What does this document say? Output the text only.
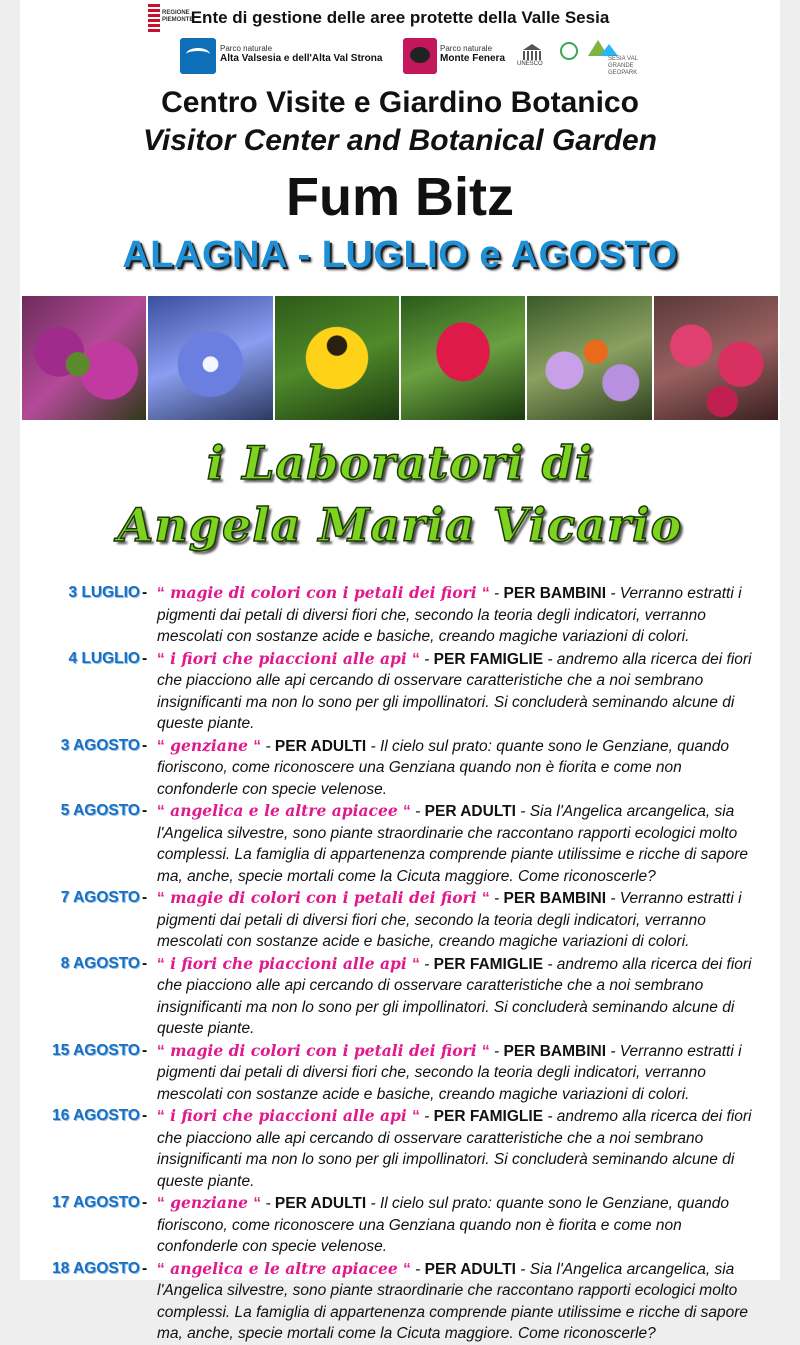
REGIONE PIEMONTE
Ente di gestione delle aree protette della Valle Sesia
Parco naturale
Alta Valsesia e dell'Alta Val Strona
Parco naturale
Monte Fenera UNESCO
SESIA VAL GRANDE GEOPARK
Centro Visite e Giardino Botanico
Visitor Center and Botanical Garden
Fum Bitz
ALAGNA - LUGLIO e AGOSTO
i Laboratori di
Angela Maria Vicario
3 LUGLIO - “ magie di colori con i petali dei fiori “ - PER BAMBINI - Verranno estratti i pigmenti dai petali di diversi fiori che, secondo la teoria degli indicatori, verranno mescolati con sostanze acide e basiche, creando magiche variazioni di colori.
4 LUGLIO - “ i fiori che piaccioni alle api “ - PER FAMIGLIE - andremo alla ricerca dei fiori che piacciono alle api cercando di osservare caratteristiche che a noi sembrano insignificanti ma non lo sono per gli impollinatori. Si concluderà seminando alcune di queste piante.
3 AGOSTO - “ genziane “ - PER ADULTI - Il cielo sul prato: quante sono le Genziane, quando fioriscono, come riconoscere una Genziana quando non è fiorita e come non confonderle con specie velenose.
5 AGOSTO - “ angelica e le altre apiacee “ - PER ADULTI - Sia l'Angelica arcangelica, sia l'Angelica silvestre, sono piante straordinarie che raccontano rapporti ecologici molto complessi. La famiglia di appartenenza comprende piante utilissime e ricche di sapore ma, anche, specie mortali come la Cicuta maggiore. Come riconoscerle?
7 AGOSTO - “ magie di colori con i petali dei fiori “ - PER BAMBINI - Verranno estratti i pigmenti dai petali di diversi fiori che, secondo la teoria degli indicatori, verranno mescolati con sostanze acide e basiche, creando magiche variazioni di colori.
8 AGOSTO - “ i fiori che piaccioni alle api “ - PER FAMIGLIE - andremo alla ricerca dei fiori che piacciono alle api cercando di osservare caratteristiche che a noi sembrano insignificanti ma non lo sono per gli impollinatori. Si concluderà seminando alcune di queste piante.
15 AGOSTO - “ magie di colori con i petali dei fiori “ - PER BAMBINI - Verranno estratti i pigmenti dai petali di diversi fiori che, secondo la teoria degli indicatori, verranno mescolati con sostanze acide e basiche, creando magiche variazioni di colori.
16 AGOSTO - “ i fiori che piaccioni alle api “ - PER FAMIGLIE - andremo alla ricerca dei fiori che piacciono alle api cercando di osservare caratteristiche che a noi sembrano insignificanti ma non lo sono per gli impollinatori. Si concluderà seminando alcune di queste piante.
17 AGOSTO - “ genziane “ - PER ADULTI - Il cielo sul prato: quante sono le Genziane, quando fioriscono, come riconoscere una Genziana quando non è fiorita e come non confonderle con specie velenose.
18 AGOSTO - “ angelica e le altre apiacee “ - PER ADULTI - Sia l'Angelica arcangelica, sia l'Angelica silvestre, sono piante straordinarie che raccontano rapporti ecologici molto complessi. La famiglia di appartenenza comprende piante utilissime e ricche di sapore ma, anche, specie mortali come la Cicuta maggiore. Come riconoscerle?
